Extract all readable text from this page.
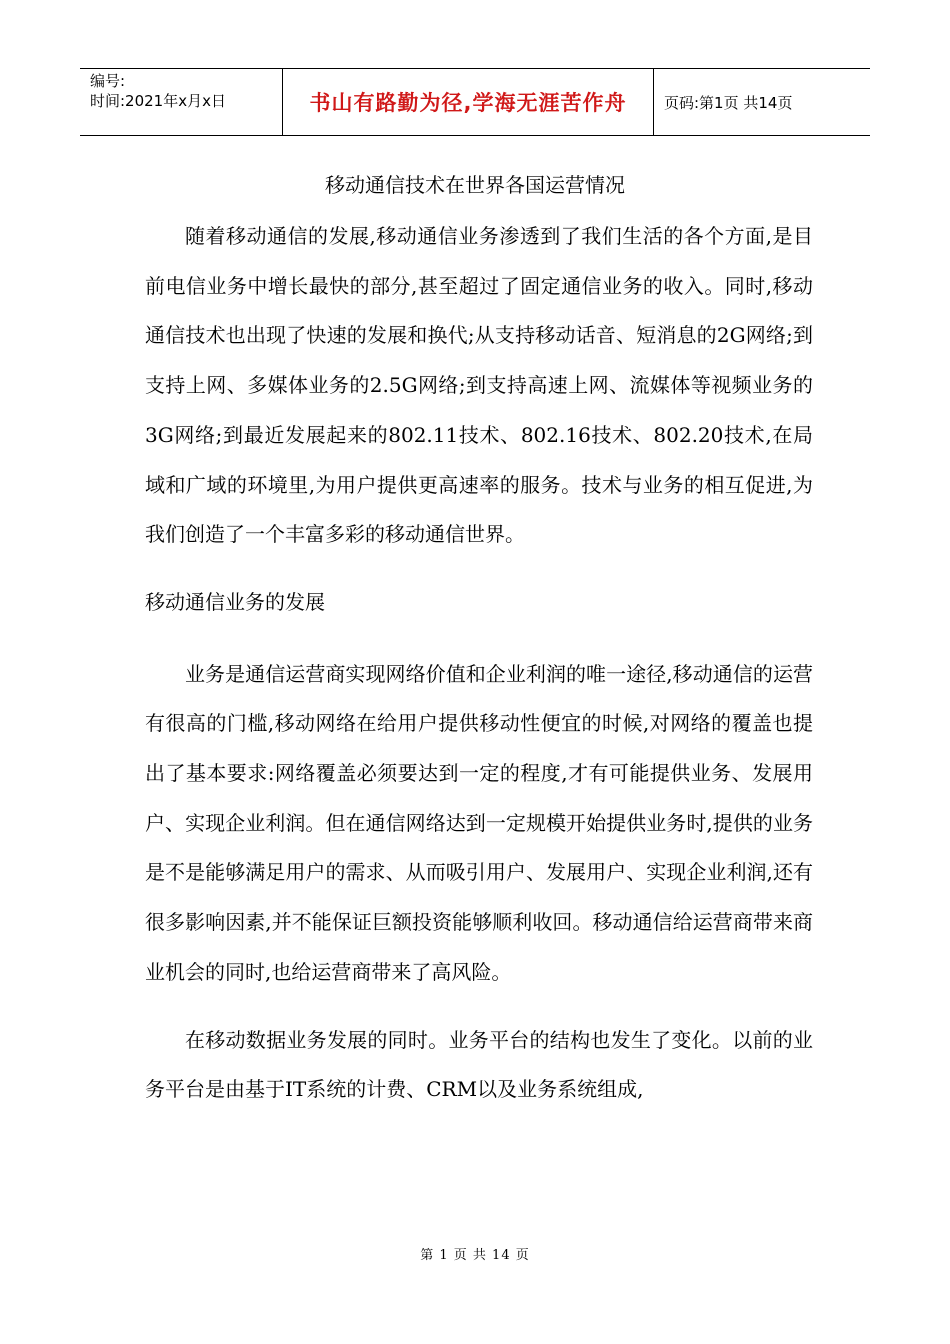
编号:
时间:2021年x月x日	书山有路勤为径,学海无涯苦作舟	页码:第1页 共14页
移动通信技术在世界各国运营情况

随着移动通信的发展,移动通信业务渗透到了我们生活的各个方面,是目前电信业务中增长最快的部分,甚至超过了固定通信业务的收入。同时,移动通信技术也出现了快速的发展和换代;从支持移动话音、短消息的2G网络;到支持上网、多媒体业务的2.5G网络;到支持高速上网、流媒体等视频业务的3G网络;到最近发展起来的802.11技术、802.16技术、802.20技术,在局域和广域的环境里,为用户提供更高速率的服务。技术与业务的相互促进,为我们创造了一个丰富多彩的移动通信世界。

移动通信业务的发展

业务是通信运营商实现网络价值和企业利润的唯一途径,移动通信的运营有很高的门槛,移动网络在给用户提供移动性便宜的时候,对网络的覆盖也提出了基本要求:网络覆盖必须要达到一定的程度,才有可能提供业务、发展用户、实现企业利润。但在通信网络达到一定规模开始提供业务时,提供的业务是不是能够满足用户的需求、从而吸引用户、发展用户、实现企业利润,还有很多影响因素,并不能保证巨额投资能够顺利收回。移动通信给运营商带来商业机会的同时,也给运营商带来了高风险。

在移动数据业务发展的同时。业务平台的结构也发生了变化。以前的业务平台是由基于IT系统的计费、CRM以及业务系统组成,

第 1 页 共 14 页
